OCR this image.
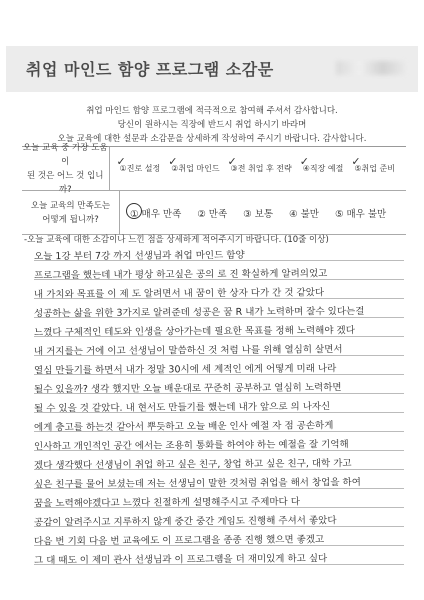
취업 마인드 함양 프로그램 소감문
취업 마인드 함양 프로그램에 적극적으로 참여해 주셔서 감사합니다.
당신이 원하시는 직장에 반드시 취업 하시기 바라며
오늘 교육에 대한 설문과 소감문을 상세하게 작성하여 주시기 바랍니다. 감사합니다.
오늘 교육 중 가장 도움이
된 것은 어느 것 입니까?
✓
①진로 설정
✓
②취업 마인드
✓
③전 취업 후 전략
✓
④직장 예절
✓
⑤취업 준비
오늘 교육의 만족도는
어떻게 됩니까?	① 매우 만족 ② 만족 ③ 보통 ④ 불만 ⑤ 매우 불만
-오늘 교육에 대한 소감이나 느낀 점을 상세하게 적어주시기 바랍니다. (10줄 이상)
오늘 1강 부터 7강 까지 선생님과 취업 마인드 함양
프로그램을 했는데 내가 평상 하고싶은 공의 로 진 확실하게 알려의었고
내 가치와 목표를 이 제 도 알려면서 내 꿈이 한 상자 다가 간 것 같았다
성공하는 삶을 위한 3가지로 알려준데 성공은 꿈 R 내가 노력하며 잘수 있다는걸
느꼈다 구체적인 테도와 인생을 상아가는데 필요한 목표를 정해 노력해야 겠다
내 거지를는 거에 이고 선생님이 말씀하신 것 처럼 나를 위해 열심히 살면서
열심 만들기를 하면서 내가 정말 30시에 세 계적인 에게 어떻게 미래 나라
될수 있을까? 생각 했지만 오늘 배운대로 꾸준히 공부하고 열심히 노력하면
될 수 있을 것 같았다. 내 현서도 만들기를 했는데 내가 앞으로 의 나자신
에게 충고를 하는것 같아서 뿌듯하고 오늘 배운 인사 예절 자 점 공손하게
인사하고 개인적인 공간 에서는 조용히 통화를 하여야 하는 예절을 잘 기억해
겠다 생각했다 선생님이 취업 하고 싶은 친구, 창업 하고 싶은 친구, 대학 가고
싶은 친구를 물어 보셨는데 저는 선생님이 말한 것처럼 취업을 해서 창업을 하여
꿈을 노력해야겠다고 느꼈다 친절하게 설명해주시고 주제마다 다
공감이 알려주시고 지루하지 않게 중간 중간 게임도 진행해 주셔서 좋았다
다음 번 기회 다음 번 교육에도 이 프로그램을 종종 진행 했으면 좋겠고
그 대 때도 이 제미 관사 선생님과 이 프로그램을 더 재미있게 하고 싶다
